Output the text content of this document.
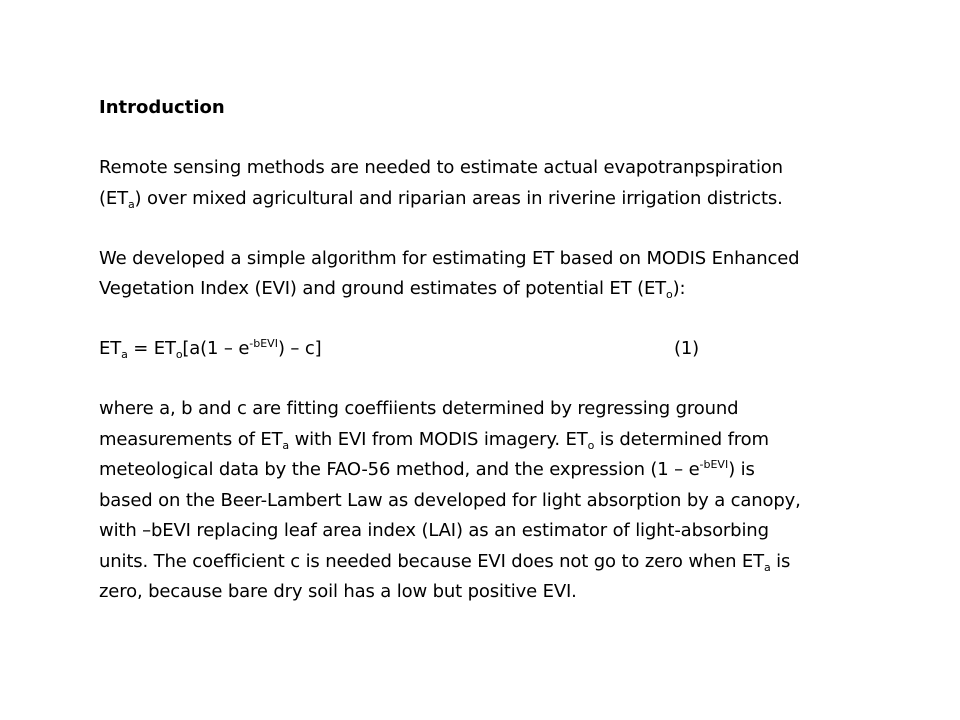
Introduction
Remote sensing methods are needed to estimate actual evapotranpspiration
$(ET_a)$ over mixed agricultural and riparian areas in riverine irrigation districts.
We developed a simple algorithm for estimating ET based on MODIS Enhanced
Vegetation Index (EVI) and ground estimates of potential ET $(ET_o)$:
$ET_a = ET_o[a(1 - e^{-bEVI}) - c]$	(1)
where a, b and c are fitting coeffiients determined by regressing ground
measurements of $ET_a$ with EVI from MODIS imagery. $ET_o$ is determined from
meteological data by the FAO-56 method, and the expression $(1 - e^{-bEVI})$ is
based on the Beer-Lambert Law as developed for light absorption by a canopy,
with –bEVI replacing leaf area index (LAI) as an estimator of light-absorbing
units. The coefficient c is needed because EVI does not go to zero when $ET_a$ is
zero, because bare dry soil has a low but positive EVI.
